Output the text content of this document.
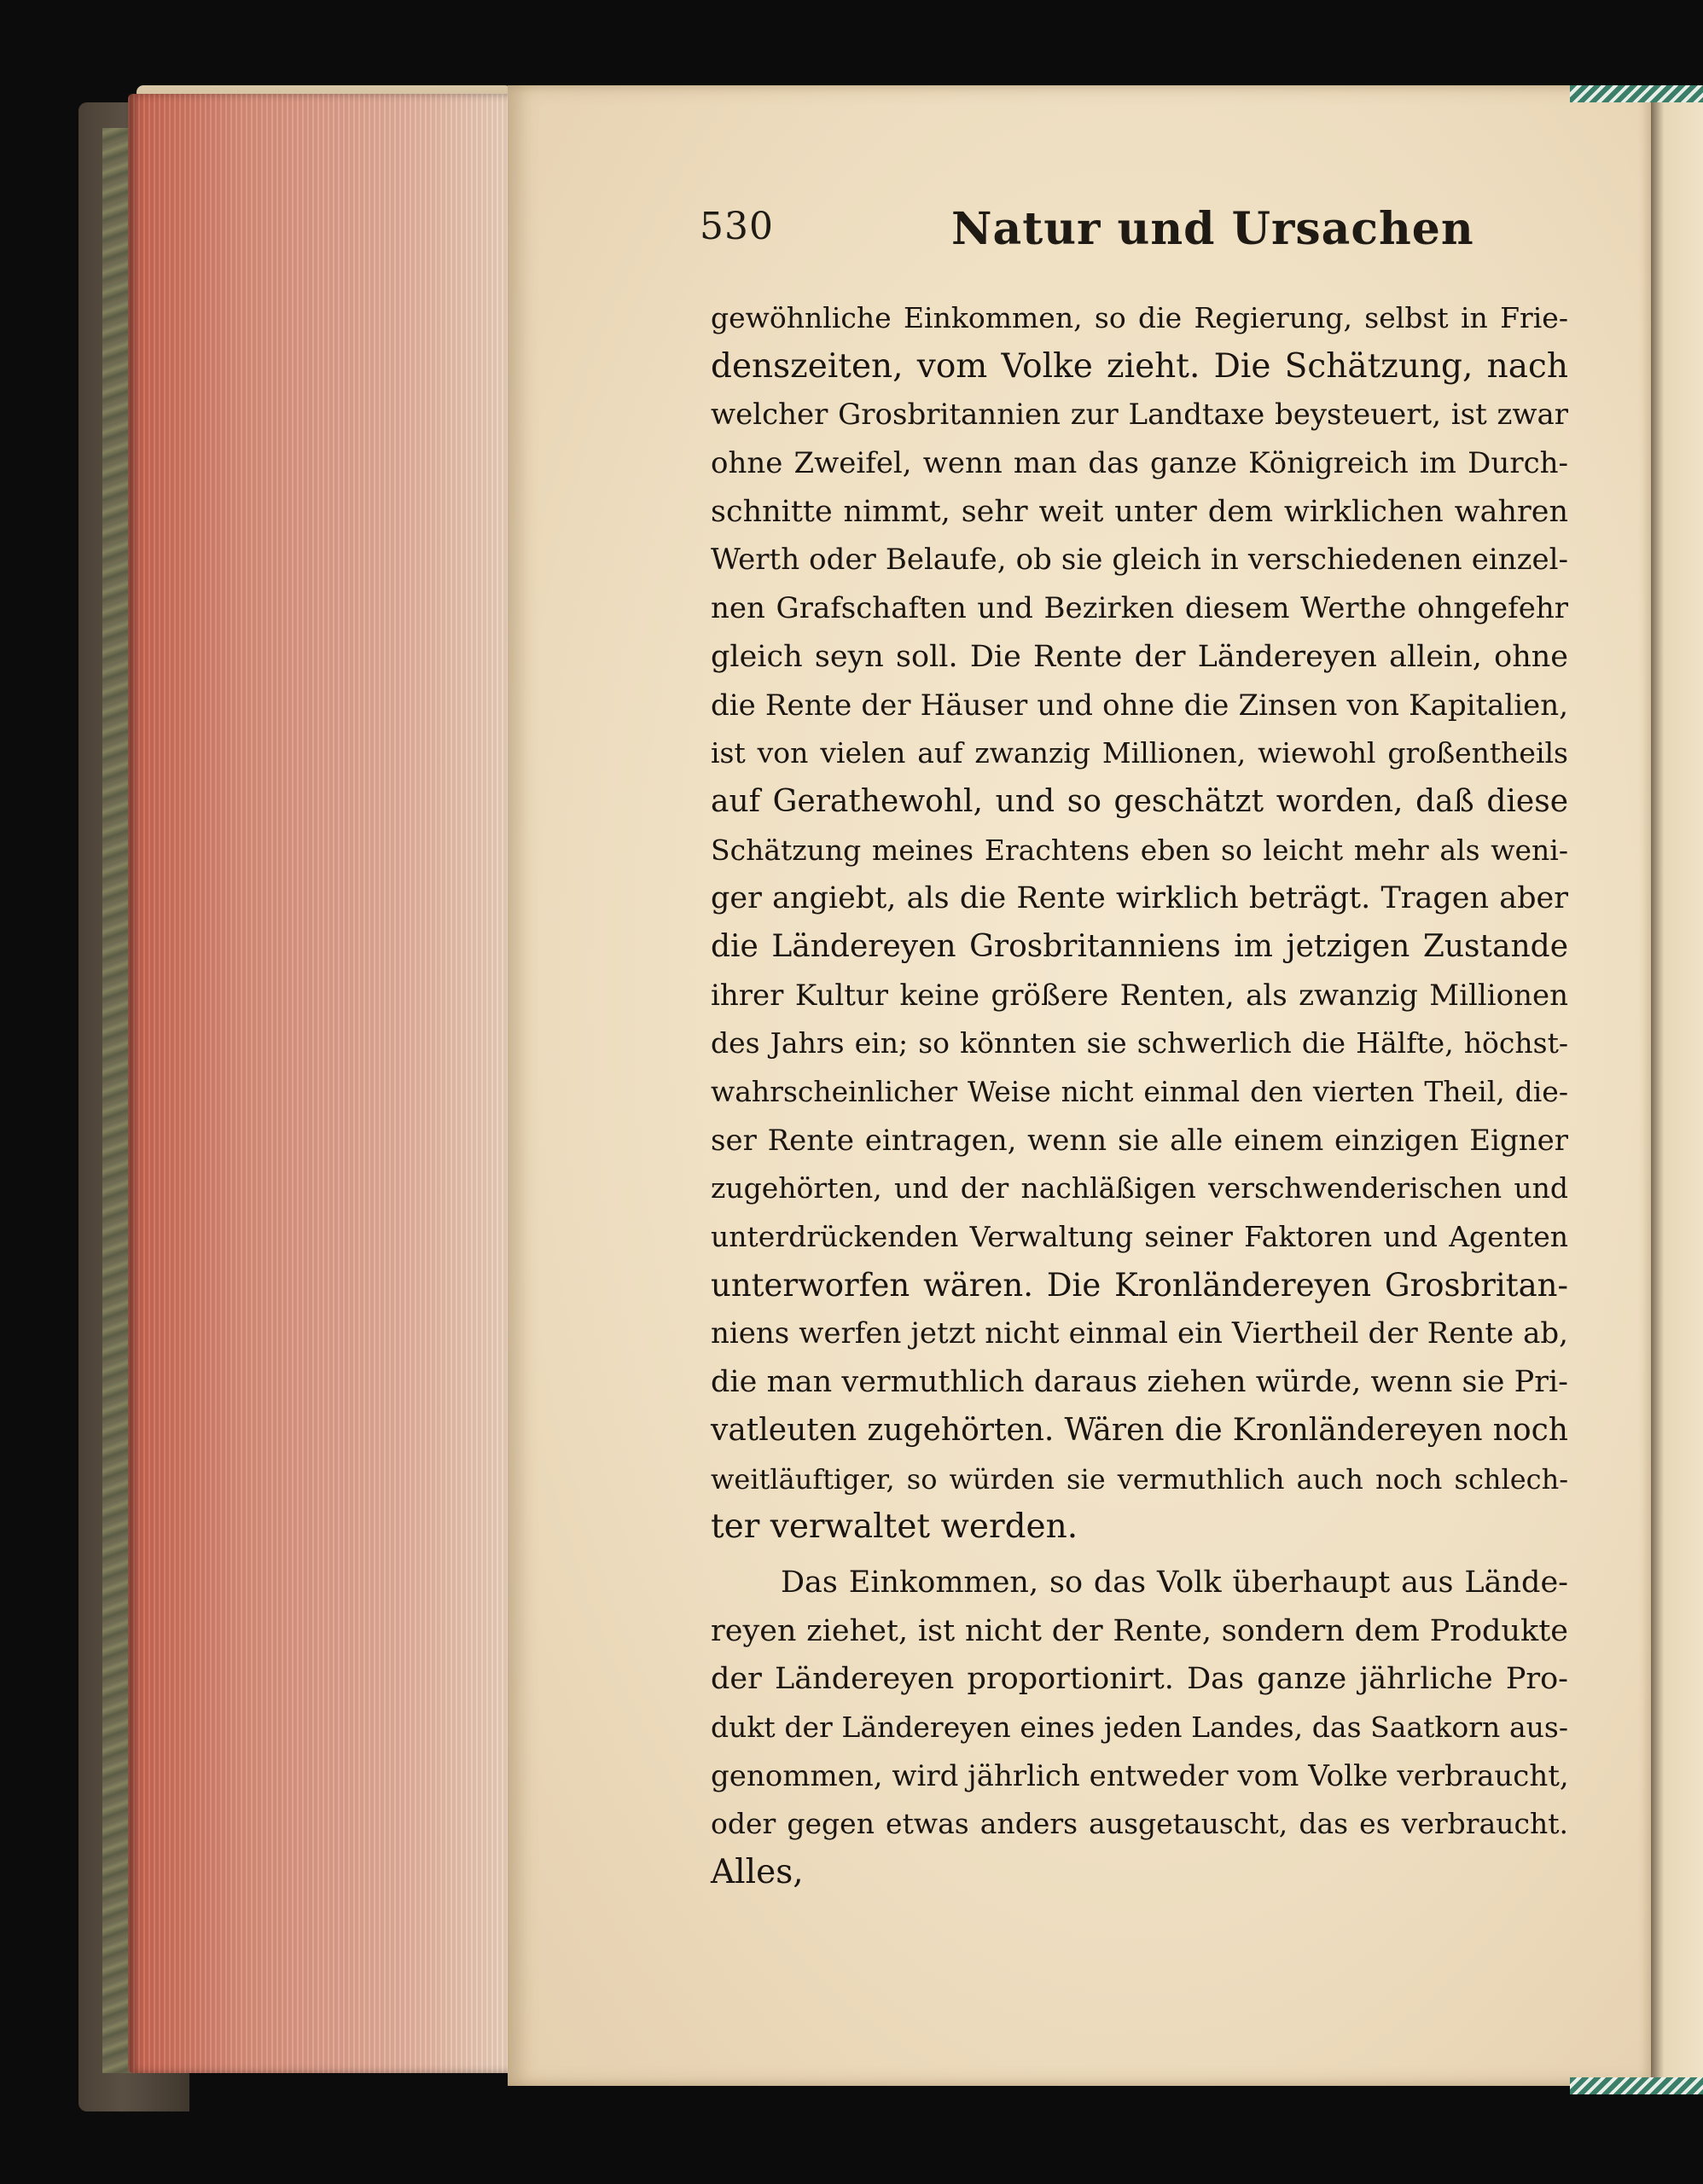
530	Natur und Ursachen
gewöhnliche Einkommen, so die Regierung, selbst in Frie-
denszeiten, vom Volke zieht. Die Schätzung, nach
welcher Grosbritannien zur Landtaxe beysteuert, ist zwar
ohne Zweifel, wenn man das ganze Königreich im Durch-
schnitte nimmt, sehr weit unter dem wirklichen wahren
Werth oder Belaufe, ob sie gleich in verschiedenen einzel-
nen Grafschaften und Bezirken diesem Werthe ohngefehr
gleich seyn soll. Die Rente der Ländereyen allein, ohne
die Rente der Häuser und ohne die Zinsen von Kapitalien,
ist von vielen auf zwanzig Millionen, wiewohl großentheils
auf Gerathewohl, und so geschätzt worden, daß diese
Schätzung meines Erachtens eben so leicht mehr als weni-
ger angiebt, als die Rente wirklich beträgt. Tragen aber
die Ländereyen Grosbritanniens im jetzigen Zustande
ihrer Kultur keine größere Renten, als zwanzig Millionen
des Jahrs ein; so könnten sie schwerlich die Hälfte, höchst-
wahrscheinlicher Weise nicht einmal den vierten Theil, die-
ser Rente eintragen, wenn sie alle einem einzigen Eigner
zugehörten, und der nachläßigen verschwenderischen und
unterdrückenden Verwaltung seiner Faktoren und Agenten
unterworfen wären. Die Kronländereyen Grosbritan-
niens werfen jetzt nicht einmal ein Viertheil der Rente ab,
die man vermuthlich daraus ziehen würde, wenn sie Pri-
vatleuten zugehörten. Wären die Kronländereyen noch
weitläuftiger, so würden sie vermuthlich auch noch schlech-
ter verwaltet werden.
Das Einkommen, so das Volk überhaupt aus Lände-
reyen ziehet, ist nicht der Rente, sondern dem Produkte
der Ländereyen proportionirt. Das ganze jährliche Pro-
dukt der Ländereyen eines jeden Landes, das Saatkorn aus-
genommen, wird jährlich entweder vom Volke verbraucht,
oder gegen etwas anders ausgetauscht, das es verbraucht.
Alles,
